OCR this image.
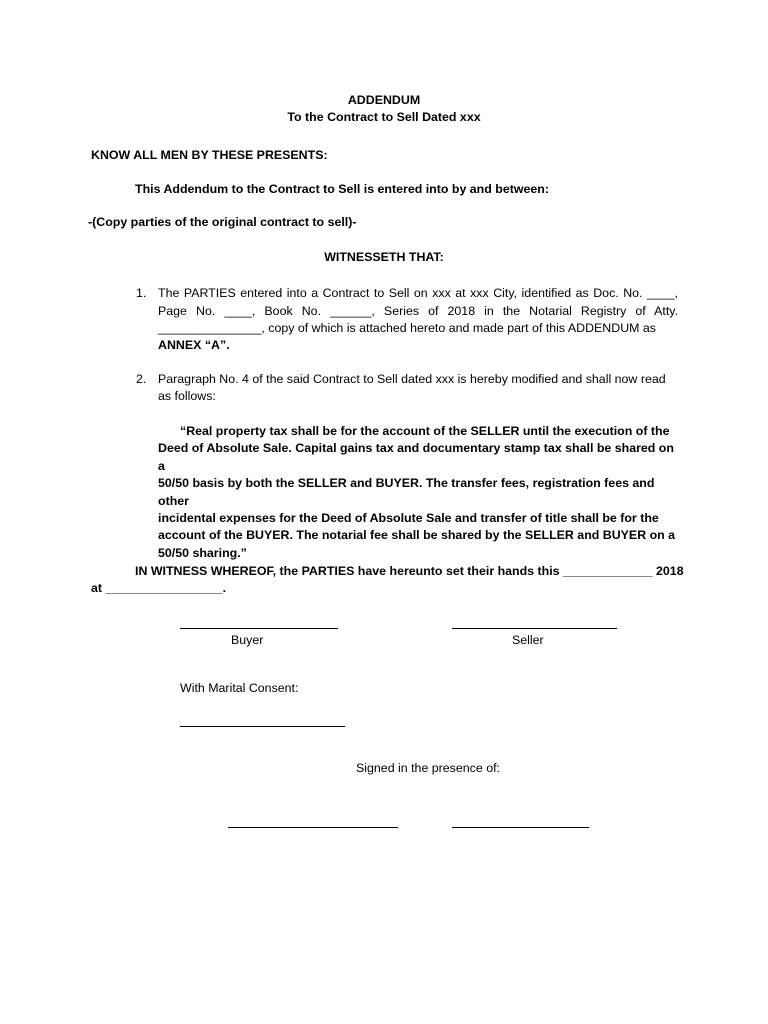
ADDENDUM
To the Contract to Sell Dated xxx
KNOW ALL MEN BY THESE PRESENTS:
This Addendum to the Contract to Sell is entered into by and between:
-(Copy parties of the original contract to sell)-
WITNESSETH THAT:
1. The PARTIES entered into a Contract to Sell on xxx at xxx City, identified as Doc. No. ____, Page No. ____, Book No. ______, Series of 2018 in the Notarial Registry of Atty. _______________, copy of which is attached hereto and made part of this ADDENDUM as
ANNEX “A”.
2. Paragraph No. 4 of the said Contract to Sell dated xxx is hereby modified and shall now read
as follows:
“Real property tax shall be for the account of the SELLER until the execution of the
Deed of Absolute Sale. Capital gains tax and documentary stamp tax shall be shared on a
50/50 basis by both the SELLER and BUYER. The transfer fees, registration fees and other
incidental expenses for the Deed of Absolute Sale and transfer of title shall be for the
account of the BUYER. The notarial fee shall be shared by the SELLER and BUYER on a
50/50 sharing.”
IN WITNESS WHEREOF, the PARTIES have hereunto set their hands this _____________ 2018
at _________________.
Buyer	Seller
With Marital Consent:
Signed in the presence of:
